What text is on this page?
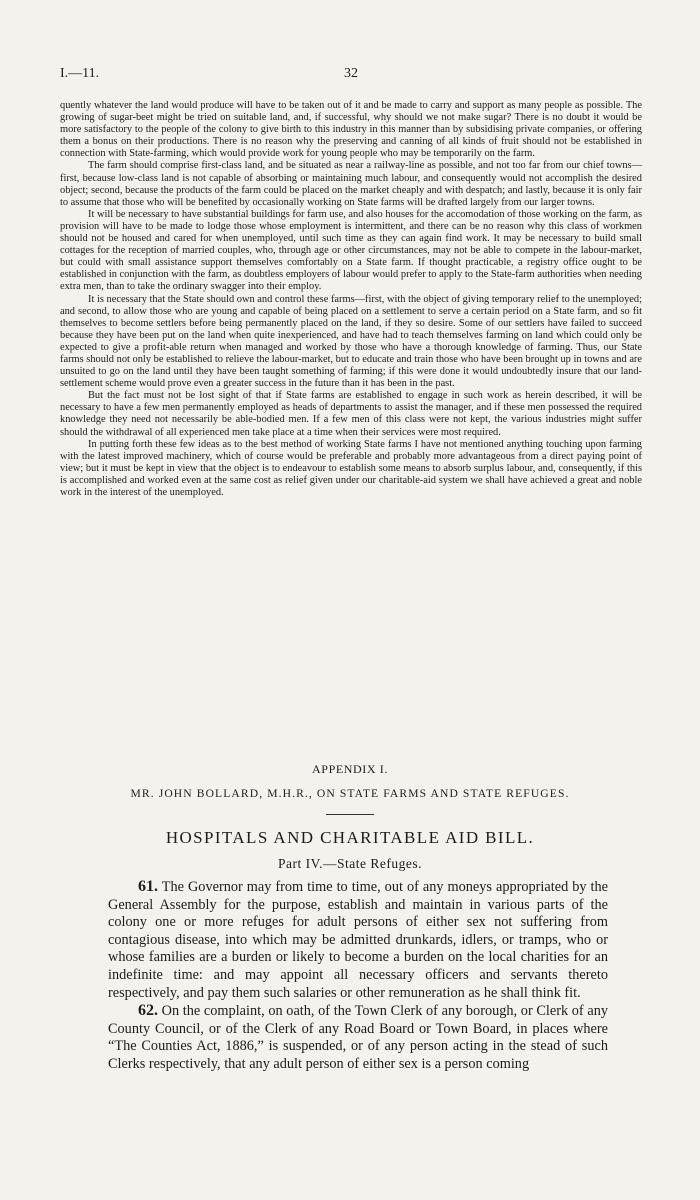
I.—11.	32

quently whatever the land would produce will have to be taken out of it and be made to carry and support as many people as possible. The growing of sugar-beet might be tried on suitable land, and, if successful, why should we not make sugar? There is no doubt it would be more satisfactory to the people of the colony to give birth to this industry in this manner than by subsidising private companies, or offering them a bonus on their productions. There is no reason why the preserving and canning of all kinds of fruit should not be established in connection with State-farming, which would provide work for young people who may be temporarily on the farm.

The farm should comprise first-class land, and be situated as near a railway-line as possible, and not too far from our chief towns—first, because low-class land is not capable of absorbing or maintaining much labour, and consequently would not accomplish the desired object; second, because the products of the farm could be placed on the market cheaply and with despatch; and lastly, because it is only fair to assume that those who will be benefited by occasionally working on State farms will be drafted largely from our larger towns.

It will be necessary to have substantial buildings for farm use, and also houses for the accomodation of those working on the farm, as provision will have to be made to lodge those whose employment is intermittent, and there can be no reason why this class of workmen should not be housed and cared for when unemployed, until such time as they can again find work. It may be necessary to build small cottages for the reception of married couples, who, through age or other circumstances, may not be able to compete in the labour-market, but could with small assistance support themselves comfortably on a State farm. If thought practicable, a registry office ought to be established in conjunction with the farm, as doubtless employers of labour would prefer to apply to the State-farm authorities when needing extra men, than to take the ordinary swagger into their employ.

It is necessary that the State should own and control these farms—first, with the object of giving temporary relief to the unemployed; and second, to allow those who are young and capable of being placed on a settlement to serve a certain period on a State farm, and so fit themselves to become settlers before being permanently placed on the land, if they so desire. Some of our settlers have failed to succeed because they have been put on the land when quite inexperienced, and have had to teach themselves farming on land which could only be expected to give a profit-able return when managed and worked by those who have a thorough knowledge of farming. Thus, our State farms should not only be established to relieve the labour-market, but to educate and train those who have been brought up in towns and are unsuited to go on the land until they have been taught something of farming; if this were done it would undoubtedly insure that our land-settlement scheme would prove even a greater success in the future than it has been in the past.

But the fact must not be lost sight of that if State farms are established to engage in such work as herein described, it will be necessary to have a few men permanently employed as heads of departments to assist the manager, and if these men possessed the required knowledge they need not necessarily be able-bodied men. If a few men of this class were not kept, the various industries might suffer should the withdrawal of all experienced men take place at a time when their services were most required.

In putting forth these few ideas as to the best method of working State farms I have not mentioned anything touching upon farming with the latest improved machinery, which of course would be preferable and probably more advantageous from a direct paying point of view; but it must be kept in view that the object is to endeavour to establish some means to absorb surplus labour, and, consequently, if this is accomplished and worked even at the same cost as relief given under our charitable-aid system we shall have achieved a great and noble work in the interest of the unemployed.

APPENDIX I.
MR. JOHN BOLLARD, M.H.R., ON STATE FARMS AND STATE REFUGES.
HOSPITALS AND CHARITABLE AID BILL.
Part IV.—State Refuges.

61. The Governor may from time to time, out of any moneys appropriated by the General Assembly for the purpose, establish and maintain in various parts of the colony one or more refuges for adult persons of either sex not suffering from contagious disease, into which may be admitted drunkards, idlers, or tramps, who or whose families are a burden or likely to become a burden on the local charities for an indefinite time: and may appoint all necessary officers and servants thereto respectively, and pay them such salaries or other remuneration as he shall think fit.

62. On the complaint, on oath, of the Town Clerk of any borough, or Clerk of any County Council, or of the Clerk of any Road Board or Town Board, in places where “The Counties Act, 1886,” is suspended, or of any person acting in the stead of such Clerks respectively, that any adult person of either sex is a person coming
